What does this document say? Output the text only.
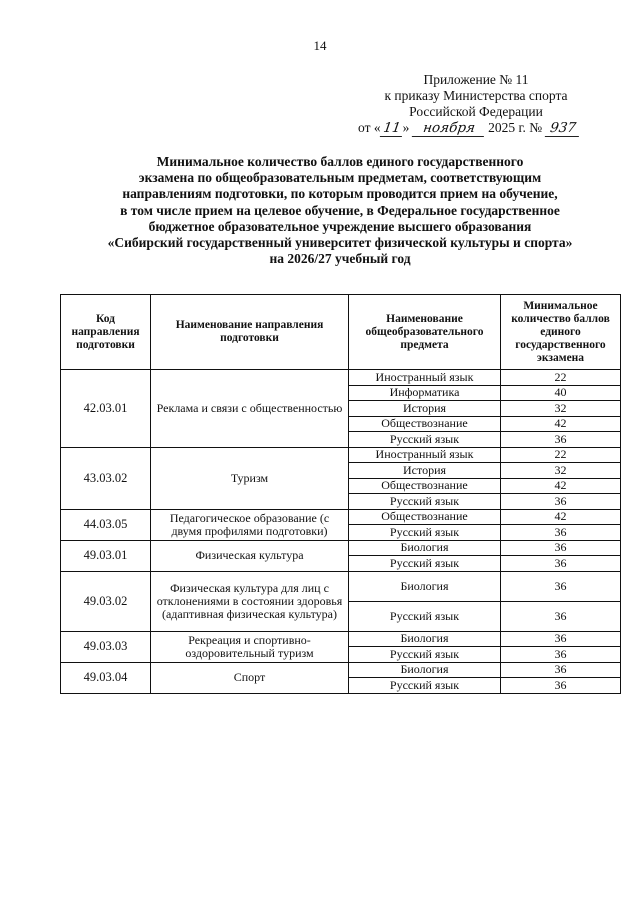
14
Приложение № 11
к приказу Министерства спорта
Российской Федерации
от «11» ноября 2025 г. № 937
Минимальное количество баллов единого государственного
экзамена по общеобразовательным предметам, соответствующим
направлениям подготовки, по которым проводится прием на обучение,
в том числе прием на целевое обучение, в Федеральное государственное
бюджетное образовательное учреждение высшего образования
«Сибирский государственный университет физической культуры и спорта»
на 2026/27 учебный год
Код направления подготовки	Наименование направления подготовки	Наименование общеобразовательного предмета	Минимальное количество баллов единого государственного экзамена
42.03.01	Реклама и связи с общественностью	Иностранный язык	22
		Информатика	40
		История	32
		Обществознание	42
		Русский язык	36
43.03.02	Туризм	Иностранный язык	22
		История	32
		Обществознание	42
		Русский язык	36
44.03.05	Педагогическое образование (с двумя профилями подготовки)	Обществознание	42
		Русский язык	36
49.03.01	Физическая культура	Биология	36
		Русский язык	36
49.03.02	Физическая культура для лиц с отклонениями в состоянии здоровья (адаптивная физическая культура)	Биология	36
		Русский язык	36
49.03.03	Рекреация и спортивно-оздоровительный туризм	Биология	36
		Русский язык	36
49.03.04	Спорт	Биология	36
		Русский язык	36
